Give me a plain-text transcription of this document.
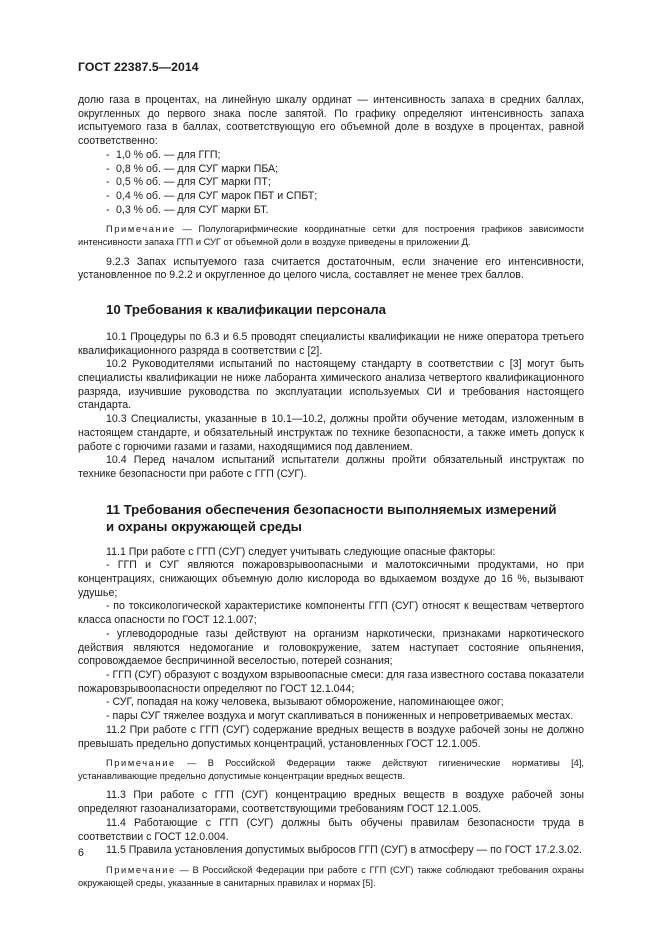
ГОСТ 22387.5—2014

долю газа в процентах, на линейную шкалу ординат — интенсивность запаха в средних баллах, округленных до первого знака после запятой. По графику определяют интенсивность запаха испытуемого газа в баллах, соответствующую его объемной доле в воздухе в процентах, равной соответственно:

- 1,0 % об. — для ГГП;

- 0,8 % об. — для СУГ марки ПБА;

- 0,5 % об. — для СУГ марки ПТ;

- 0,4 % об. — для СУГ марок ПБТ и СПБТ;

- 0,3 % об. — для СУГ марки БТ.

Примечание — Полулогарифмические координатные сетки для построения графиков зависимости интенсивности запаха ГГП и СУГ от объемной доли в воздухе приведены в приложении Д.

9.2.3 Запах испытуемого газа считается достаточным, если значение его интенсивности, установленное по 9.2.2 и округленное до целого числа, составляет не менее трех баллов.

10 Требования к квалификации персонала

10.1 Процедуры по 6.3 и 6.5 проводят специалисты квалификации не ниже оператора третьего квалификационного разряда в соответствии с [2].

10.2 Руководителями испытаний по настоящему стандарту в соответствии с [3] могут быть специалисты квалификации не ниже лаборанта химического анализа четвертого квалификационного разряда, изучившие руководства по эксплуатации используемых СИ и требования настоящего стандарта.

10.3 Специалисты, указанные в 10.1—10.2, должны пройти обучение методам, изложенным в настоящем стандарте, и обязательный инструктаж по технике безопасности, а также иметь допуск к работе с горючими газами и газами, находящимися под давлением.

10.4 Перед началом испытаний испытатели должны пройти обязательный инструктаж по технике безопасности при работе с ГГП (СУГ).

11 Требования обеспечения безопасности выполняемых измерений

и охраны окружающей среды

11.1 При работе с ГГП (СУГ) следует учитывать следующие опасные факторы:

- ГГП и СУГ являются пожаровзрывоопасными и малотоксичными продуктами, но при концентрациях, снижающих объемную долю кислорода во вдыхаемом воздухе до 16 %, вызывают удушье;

- по токсикологической характеристике компоненты ГГП (СУГ) относят к веществам четвертого класса опасности по ГОСТ 12.1.007;

- углеводородные газы действуют на организм наркотически, признаками наркотического действия являются недомогание и головокружение, затем наступает состояние опьянения, сопровождаемое беспричинной веселостью, потерей сознания;

- ГГП (СУГ) образуют с воздухом взрывоопасные смеси: для газа известного состава показатели пожаровзрывоопасности определяют по ГОСТ 12.1.044;

- СУГ, попадая на кожу человека, вызывают обморожение, напоминающее ожог;

- пары СУГ тяжелее воздуха и могут скапливаться в пониженных и непроветриваемых местах.

11.2 При работе с ГГП (СУГ) содержание вредных веществ в воздухе рабочей зоны не должно превышать предельно допустимых концентраций, установленных ГОСТ 12.1.005.

Примечание — В Российской Федерации также действуют гигиенические нормативы [4], устанавливающие предельно допустимые концентрации вредных веществ.

11.3 При работе с ГГП (СУГ) концентрацию вредных веществ в воздухе рабочей зоны определяют газоанализаторами, соответствующими требованиям ГОСТ 12.1.005.

11.4 Работающие с ГГП (СУГ) должны быть обучены правилам безопасности труда в соответствии с ГОСТ 12.0.004.

11.5 Правила установления допустимых выбросов ГГП (СУГ) в атмосферу — по ГОСТ 17.2.3.02.

Примечание — В Российской Федерации при работе с ГГП (СУГ) также соблюдают требования охраны окружающей среды, указанные в санитарных правилах и нормах [5].

6
